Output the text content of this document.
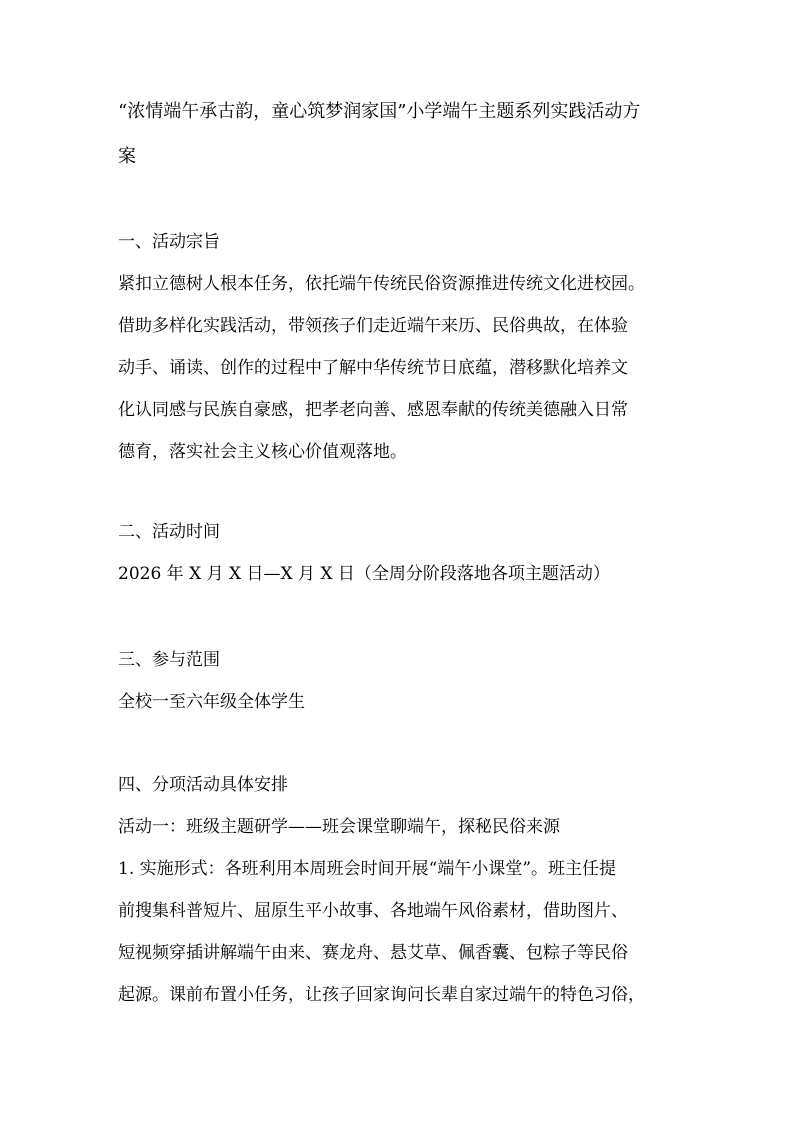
“浓情端午承古韵，童心筑梦润家国”小学端午主题系列实践活动方
案
一、活动宗旨
紧扣立德树人根本任务，依托端午传统民俗资源推进传统文化进校园。
借助多样化实践活动，带领孩子们走近端午来历、民俗典故，在体验
动手、诵读、创作的过程中了解中华传统节日底蕴，潜移默化培养文
化认同感与民族自豪感，把孝老向善、感恩奉献的传统美德融入日常
德育，落实社会主义核心价值观落地。
二、活动时间
2026 年 X 月 X 日—X 月 X 日（全周分阶段落地各项主题活动）
三、参与范围
全校一至六年级全体学生
四、分项活动具体安排
活动一：班级主题研学——班会课堂聊端午，探秘民俗来源
1. 实施形式：各班利用本周班会时间开展“端午小课堂”。班主任提
前搜集科普短片、屈原生平小故事、各地端午风俗素材，借助图片、
短视频穿插讲解端午由来、赛龙舟、悬艾草、佩香囊、包粽子等民俗
起源。课前布置小任务，让孩子回家询问长辈自家过端午的特色习俗，
